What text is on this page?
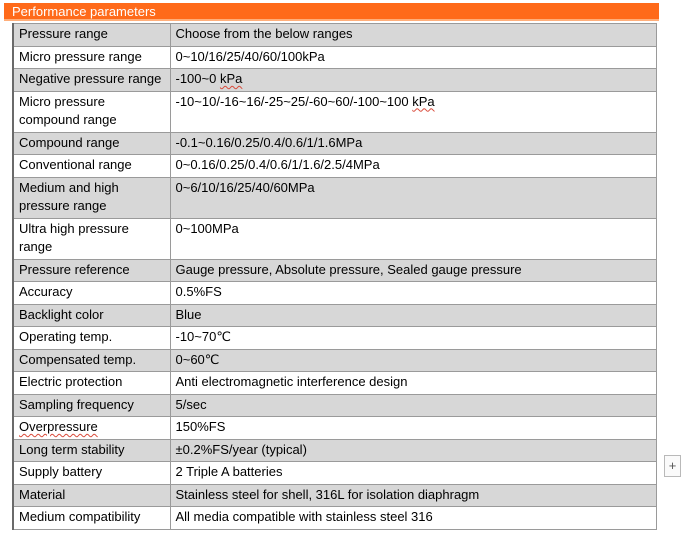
Performance parameters
Pressure range	Choose from the below ranges
Micro pressure range	0~10/16/25/40/60/100kPa
Negative pressure range	-100~0 kPa
Micro pressure compound range	-10~10/-16~16/-25~25/-60~60/-100~100 kPa
Compound range	-0.1~0.16/0.25/0.4/0.6/1/1.6MPa
Conventional range	0~0.16/0.25/0.4/0.6/1/1.6/2.5/4MPa
Medium and high pressure range	0~6/10/16/25/40/60MPa
Ultra high pressure range	0~100MPa
Pressure reference	Gauge pressure, Absolute pressure, Sealed gauge pressure
Accuracy	0.5%FS
Backlight color	Blue
Operating temp.	-10~70℃
Compensated temp.	0~60℃
Electric protection	Anti electromagnetic interference design
Sampling frequency	5/sec
Overpressure	150%FS
Long term stability	±0.2%FS/year (typical)
Supply battery	2 Triple A batteries
Material	Stainless steel for shell, 316L for isolation diaphragm
Medium compatibility	All media compatible with stainless steel 316
+
